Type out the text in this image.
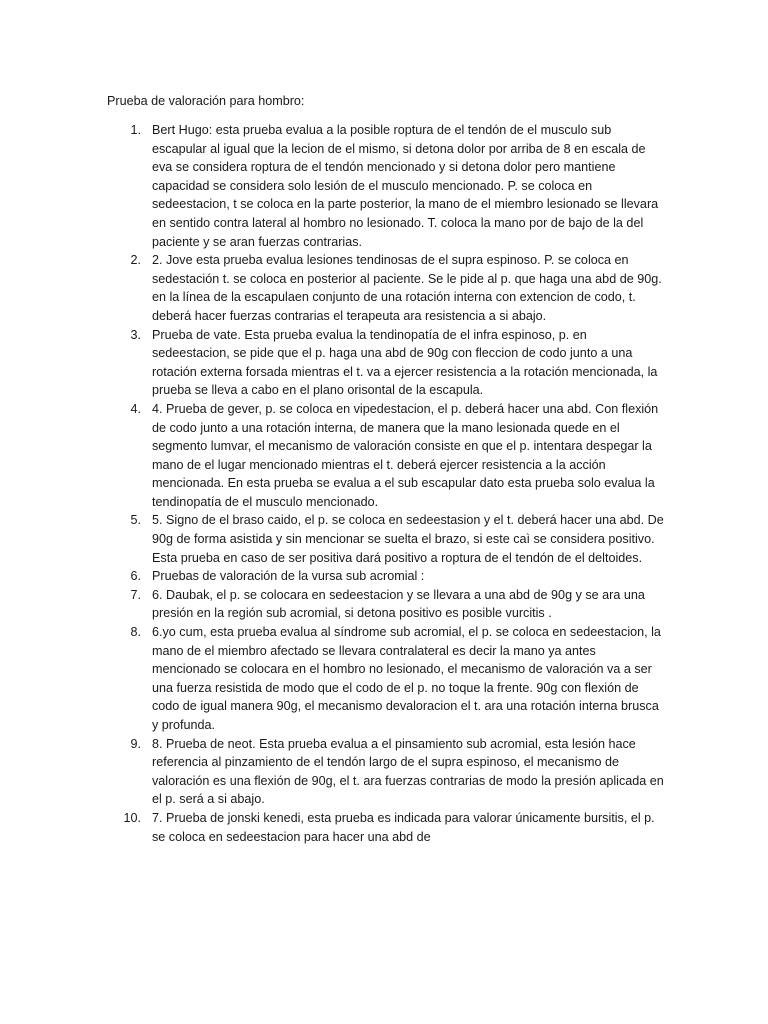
Prueba de valoración para hombro:
1. Bert Hugo: esta prueba evalua a la posible roptura de el tendón de el musculo sub escapular al igual que la lecion de el mismo, si detona dolor por arriba de 8 en escala de eva se considera roptura de el tendón mencionado y si detona dolor pero mantiene capacidad se considera solo lesión de el musculo mencionado. P. se coloca en sedeestacion, t se coloca en la parte posterior, la mano de el miembro lesionado se llevara en sentido contra lateral al hombro no lesionado. T. coloca la mano por de bajo de la del paciente y se aran fuerzas contrarias.
2. 2. Jove esta prueba evalua lesiones tendinosas de el supra espinoso. P. se coloca en sedestación t. se coloca en posterior al paciente. Se le pide al p. que haga una abd de 90g. en la línea de la escapulaen conjunto de una rotación interna con extencion de codo, t. deberá hacer fuerzas contrarias el terapeuta ara resistencia a si abajo.
3. Prueba de vate. Esta prueba evalua la tendinopatía de el infra espinoso, p. en sedeestacion, se pide que el p. haga una abd de 90g con fleccion de codo junto a una rotación externa forsada mientras el t. va a ejercer resistencia a la rotación mencionada, la prueba se lleva a cabo en el plano orisontal de la escapula.
4. 4. Prueba de gever, p. se coloca en vipedestacion, el p. deberá hacer una abd. Con flexión de codo junto a una rotación interna, de manera que la mano lesionada quede en el segmento lumvar, el mecanismo de valoración consiste en que el p. intentara despegar la mano de el lugar mencionado mientras el t. deberá ejercer resistencia a la acción mencionada. En esta prueba se evalua a el sub escapular dato esta prueba solo evalua la tendinopatía de el musculo mencionado.
5. 5. Signo de el braso caido, el p. se coloca en sedeestasion y el t. deberá hacer una abd. De 90g de forma asistida y sin mencionar se suelta el brazo, si este caì se considera positivo. Esta prueba en caso de ser positiva dará positivo a roptura de el tendón de el deltoides.
6. Pruebas de valoración de la vursa sub acromial :
7. 6. Daubak, el p. se colocara en sedeestacion y se llevara a una abd de 90g y se ara una presión en la región sub acromial, si detona positivo es posible vurcitis .
8. 6.yo cum, esta prueba evalua al síndrome sub acromial, el p. se coloca en sedeestacion, la mano de el miembro afectado se llevara contralateral es decir la mano ya antes mencionado se colocara en el hombro no lesionado, el mecanismo de valoración va a ser una fuerza resistida de modo que el codo de el p. no toque la frente. 90g con flexión de codo de igual manera 90g, el mecanismo devaloracion el t. ara una rotación interna brusca y profunda.
9. 8. Prueba de neot. Esta prueba evalua a el pinsamiento sub acromial, esta lesión hace referencia al pinzamiento de el tendón largo de el supra espinoso, el mecanismo de valoración es una flexión de 90g, el t. ara fuerzas contrarias de modo la presión aplicada en el p. será a si abajo.
10. 7. Prueba de jonski kenedi, esta prueba es indicada para valorar únicamente bursitis, el p. se coloca en sedeestacion para hacer una abd de
